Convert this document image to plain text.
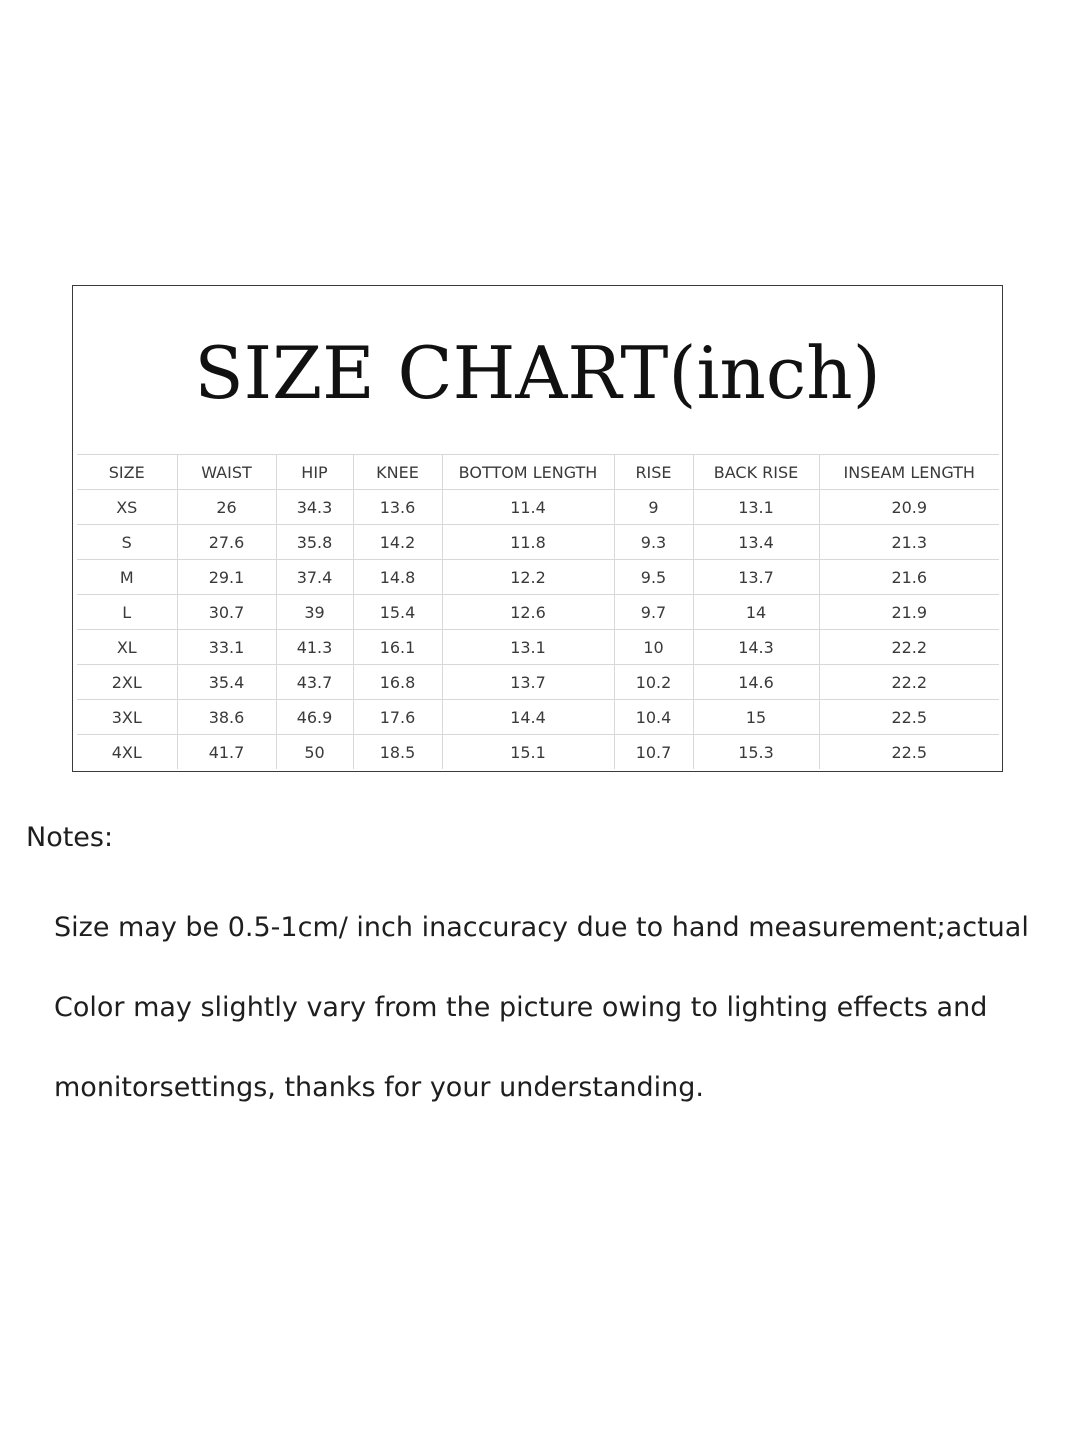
SIZE CHART(inch)
SIZE	WAIST	HIP	KNEE	BOTTOM LENGTH	RISE	BACK RISE	INSEAM LENGTH
XS	26	34.3	13.6	11.4	9	13.1	20.9
S	27.6	35.8	14.2	11.8	9.3	13.4	21.3
M	29.1	37.4	14.8	12.2	9.5	13.7	21.6
L	30.7	39	15.4	12.6	9.7	14	21.9
XL	33.1	41.3	16.1	13.1	10	14.3	22.2
2XL	35.4	43.7	16.8	13.7	10.2	14.6	22.2
3XL	38.6	46.9	17.6	14.4	10.4	15	22.5
4XL	41.7	50	18.5	15.1	10.7	15.3	22.5
Notes:

Size may be 0.5-1cm/ inch inaccuracy due to hand measurement;actual

Color may slightly vary from the picture owing to lighting effects and

monitorsettings, thanks for your understanding.
